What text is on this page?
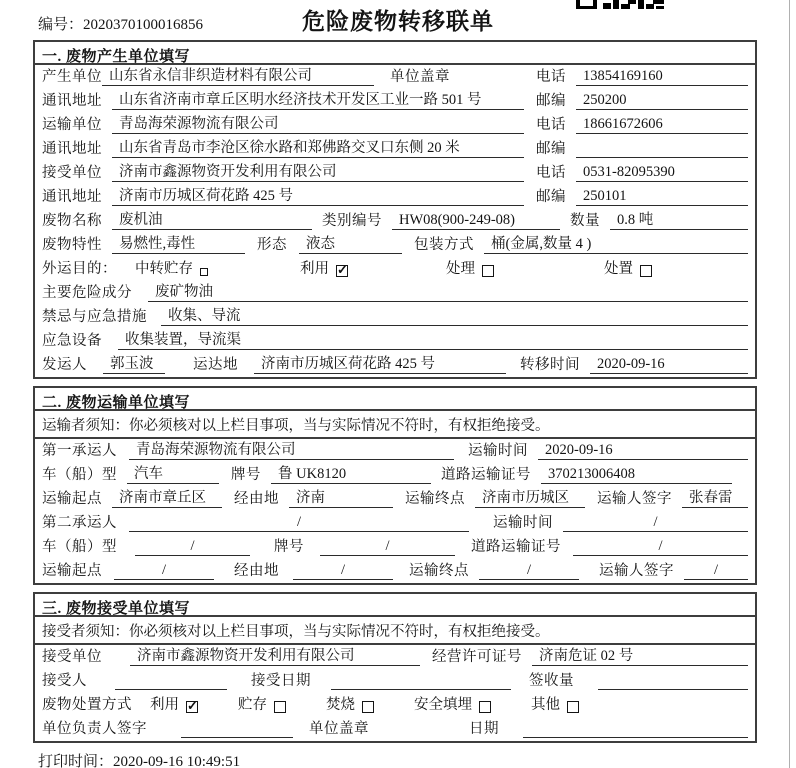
编号：2020370100016856	危险废物转移联单
一. 废物产生单位填写
产生单位 山东省永信非织造材料有限公司	单位盖章	电话	13854169160
通讯地址	山东省济南市章丘区明水经济技术开发区工业一路 501 号	邮编	250200
运输单位	青岛海荣源物流有限公司	电话	18661672606
通讯地址	山东省青岛市李沧区徐水路和郑佛路交叉口东侧 20 米	邮编
接受单位	济南市鑫源物资开发利用有限公司	电话	0531-82095390
通讯地址	济南市历城区荷花路 425 号	邮编	250101
废物名称	废机油	类别编号	HW08(900-249-08)	数量	0.8 吨
废物特性	易燃性,毒性	形态	液态	包装方式	桶(金属,数量 4 )
外运目的： 中转贮存	利用 ✓	处理	处置
主要危险成分	废矿物油
禁忌与应急措施	收集、导流
应急设备	收集装置，导流渠
发运人	郭玉波	运达地	济南市历城区荷花路 425 号	转移时间	2020-09-16
二. 废物运输单位填写
运输者须知：你必须核对以上栏目事项，当与实际情况不符时，有权拒绝接受。
第一承运人	青岛海荣源物流有限公司	运输时间	2020-09-16
车（船）型	汽车	牌号	鲁 UK8120	道路运输证号	370213006408
运输起点	济南市章丘区	经由地	济南	运输终点	济南市历城区	运输人签字	张春雷
第二承运人	/	运输时间	/
车（船）型	/	牌号	/	道路运输证号	/
运输起点	/	经由地	/	运输终点	/	运输人签字	/
三. 废物接受单位填写
接受者须知：你必须核对以上栏目事项，当与实际情况不符时，有权拒绝接受。
接受单位	济南市鑫源物资开发利用有限公司	经营许可证号	济南危证 02 号
接受人	接受日期	签收量
废物处置方式 利用 ✓	贮存	焚烧	安全填埋	其他
单位负责人签字	单位盖章	日期
打印时间：2020-09-16 10:49:51
